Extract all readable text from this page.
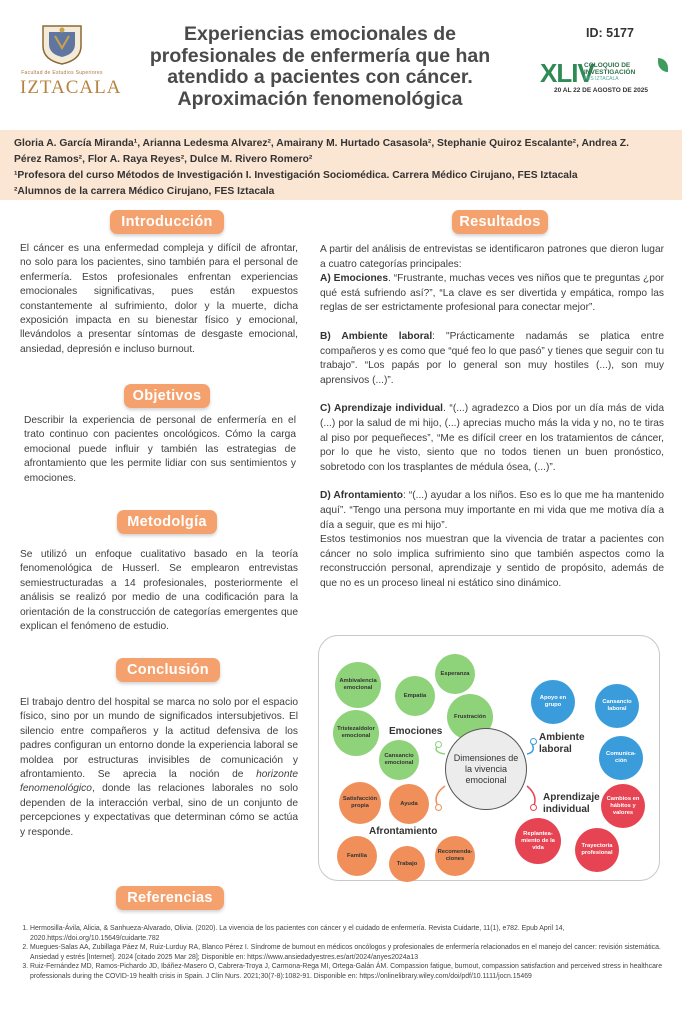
Facultad de Estudios Superiores
IZTACALA
Experiencias emocionales de
profesionales de enfermería que han
atendido a pacientes con cáncer.
Aproximación fenomenológica
ID: 5177
XLIV
COLOQUIO DE
INVESTIGACIÓN
FES IZTACALA
20 AL 22 DE AGOSTO DE 2025
Gloria A. García Miranda¹, Arianna Ledesma Alvarez², Amairany M. Hurtado Casasola², Stephanie Quiroz Escalante², Andrea Z.
Pérez Ramos², Flor A. Raya Reyes², Dulce M. Rivero Romero²
¹Profesora del curso Métodos de Investigación I. Investigación Sociomédica. Carrera Médico Cirujano, FES Iztacala
²Alumnos de la carrera Médico Cirujano, FES Iztacala
Introducción
El cáncer es una enfermedad compleja y difícil de afrontar, no solo para los pacientes, sino también para el personal de enfermería. Estos profesionales enfrentan experiencias emocionales significativas, pues están expuestos constantemente al sufrimiento, dolor y la muerte, dicha exposición impacta en su bienestar físico y emocional, llevándolos a presentar síntomas de desgaste emocional, ansiedad, depresión e incluso burnout.
Objetivos
Describir la experiencia de personal de enfermería en el trato continuo con pacientes oncológicos. Cómo la carga emocional puede influir y también las estrategias de afrontamiento que les permite lidiar con sus sentimientos y emociones.
Metodolgía
Se utilizó un enfoque cualitativo basado en la teoría fenomenológica de Husserl. Se emplearon entrevistas semiestructuradas a 14 profesionales, posteriormente el análisis se realizó por medio de una codificación para la orientación de la construcción de categorías emergentes que explican el fenómeno de estudio.
Conclusión
El trabajo dentro del hospital se marca no solo por el espacio físico, sino por un mundo de significados intersubjetivos. El silencio entre compañeros y la actitud defensiva de los padres configuran un entorno donde la experiencia laboral se moldea por estructuras invisibles de comunicación y afrontamiento. Se aprecia la noción de horizonte fenomenológico, donde las relaciones laborales no solo dependen de la interacción verbal, sino de un conjunto de percepciones y expectativas que determinan cómo se actúa y responde.
Referencias
Resultados

A partir del análisis de entrevistas se identificaron patrones que dieron lugar a cuatro categorías principales:
A) Emociones. “Frustrante, muchas veces ves niños que te preguntas ¿por qué está sufriendo así?”, “La clave es ser divertida y empática, rompo las reglas de ser estrictamente profesional para conectar mejor”.

B) Ambiente laboral: "Prácticamente nadamás se platica entre compañeros y es como que “qué feo lo que pasó” y tienes que seguir con tu trabajo". “Los papás por lo general son muy hostiles (...), son muy aprensivos (...)”.

C) Aprendizaje individual. “(...) agradezco a Dios por un día más de vida (...) por la salud de mi hijo, (...) aprecias mucho más la vida y no, no te tiras al piso por pequeñeces”, “Me es difícil creer en los tratamientos de cáncer, por lo que he visto, siento que no todos tienen un buen pronóstico, sobretodo con los trasplantes de médula ósea, (...)”.

D) Afrontamiento: “(...) ayudar a los niños. Eso es lo que me ha mantenido aquí”. “Tengo una persona muy importante en mi vida que me motiva día a día a seguir, que es mi hijo”.
Estos testimonios nos muestran que la vivencia de tratar a pacientes con cáncer no solo implica sufrimiento sino que también aspectos como la reconstrucción personal, aprendizaje y sentido de propósito, además de que no es un proceso lineal ni estático sino dinámico.

Ambivalencia emocional
Empatía
Esperanza
Frustración
Tristeza/dolor emocional
Cansancio emocional
Emociones
Apoyo en grupo	Cansancio laboral
Comunica-ción
Ambiente laboral
Cambios en hábitos y valores
Replantea-miento de la vida	Trayectoria profesional
Aprendizaje individual
Satisfacción propia	Ayuda
Familia
Trabajo
Recomenda-ciones
Afrontamiento
Dimensiones de la vivencia emocional
1. Hermosilla-Ávila, Alicia, & Sanhueza-Alvarado, Olivia. (2020). La vivencia de los pacientes con cáncer y el cuidado de enfermería. Revista Cuidarte, 11(1), e782. Epub April 14, 2020.https://doi.org/10.15649/cuidarte.782
2. Muegues-Salas AA, Zubillaga Páez M, Ruiz-Lurduy RA, Blanco Pérez I. Síndrome de burnout en médicos oncólogos y profesionales de enfermería relacionados en el manejo del cancer: revisión sistemática. Ansiedad y estrés [Internet]. 2024 [citado 2025 Mar 28]; Disponible en: https://www.ansiedadyestres.es/art/2024/anyes2024a13
3. Ruiz-Fernández MD, Ramos-Pichardo JD, Ibáñez-Masero O, Cabrera-Troya J, Carmona-Rega MI, Ortega-Galán ÁM. Compassion fatigue, burnout, compassion satisfaction and perceived stress in healthcare professionals during the COVID-19 health crisis in Spain. J Clin Nurs. 2021;30(7-8):1082-91. Disponible en: https://onlinelibrary.wiley.com/doi/pdf/10.1111/jocn.15469
